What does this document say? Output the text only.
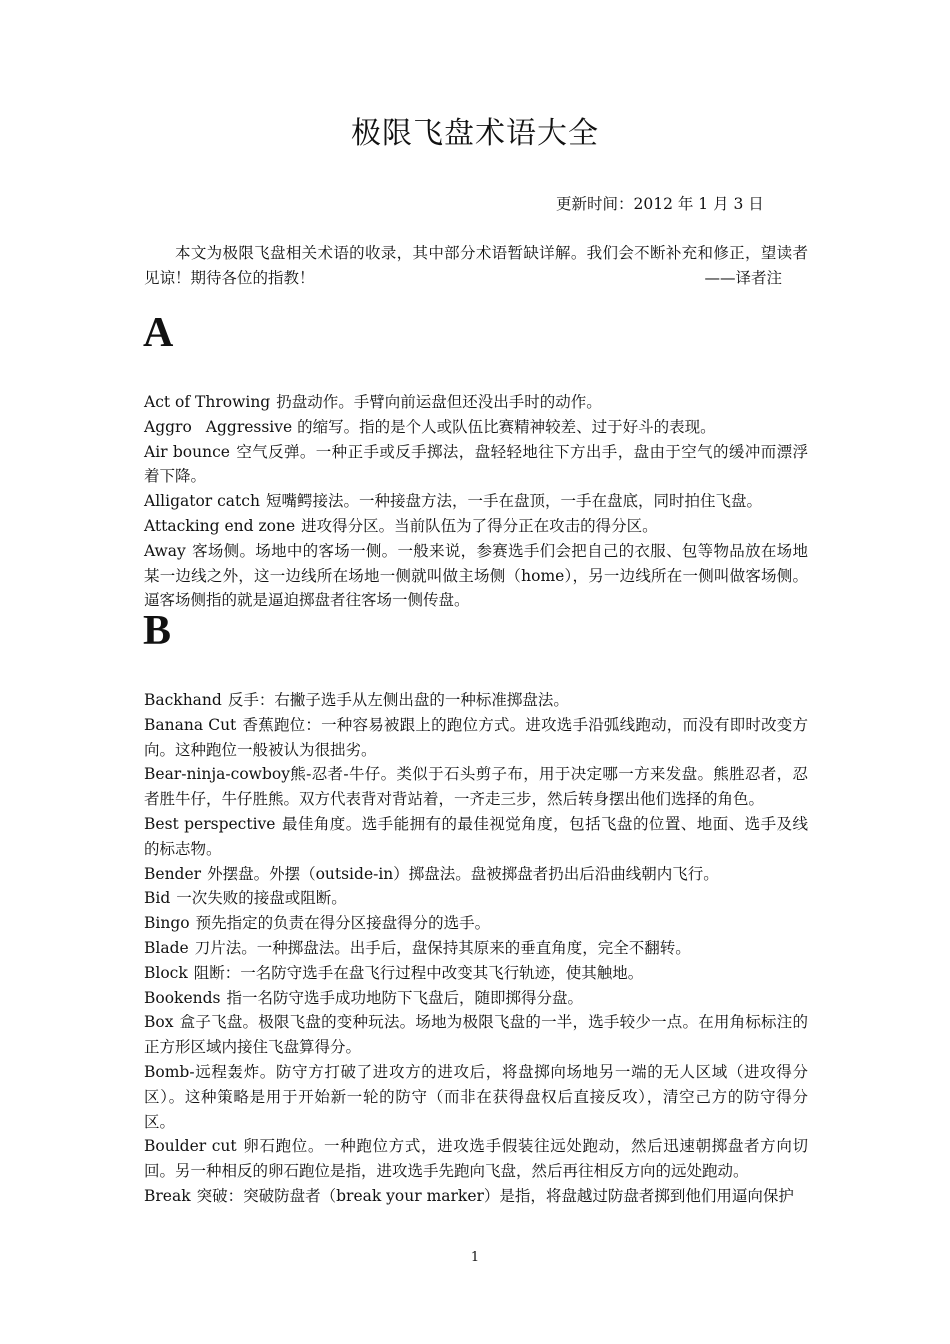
极限飞盘术语大全
更新时间：2012 年 1 月 3 日
本文为极限飞盘相关术语的收录，其中部分术语暂缺详解。我们会不断补充和修正，望读者见谅！期待各位的指教！	——译者注
A

Act of Throwing 扔盘动作。手臂向前运盘但还没出手时的动作。

Aggro Aggressive 的缩写。指的是个人或队伍比赛精神较差、过于好斗的表现。

Air bounce 空气反弹。一种正手或反手掷法，盘轻轻地往下方出手，盘由于空气的缓冲而漂浮着下降。

Alligator catch 短嘴鳄接法。一种接盘方法，一手在盘顶，一手在盘底，同时拍住飞盘。

Attacking end zone 进攻得分区。当前队伍为了得分正在攻击的得分区。

Away 客场侧。场地中的客场一侧。一般来说，参赛选手们会把自己的衣服、包等物品放在场地某一边线之外，这一边线所在场地一侧就叫做主场侧（home），另一边线所在一侧叫做客场侧。逼客场侧指的就是逼迫掷盘者往客场一侧传盘。

B

Backhand 反手：右撇子选手从左侧出盘的一种标准掷盘法。

Banana Cut 香蕉跑位：一种容易被跟上的跑位方式。进攻选手沿弧线跑动，而没有即时改变方向。这种跑位一般被认为很拙劣。

Bear-ninja-cowboy熊-忍者-牛仔。类似于石头剪子布，用于决定哪一方来发盘。熊胜忍者，忍者胜牛仔，牛仔胜熊。双方代表背对背站着，一齐走三步，然后转身摆出他们选择的角色。

Best perspective 最佳角度。选手能拥有的最佳视觉角度，包括飞盘的位置、地面、选手及线的标志物。

Bender 外摆盘。外摆（outside-in）掷盘法。盘被掷盘者扔出后沿曲线朝内飞行。

Bid 一次失败的接盘或阻断。

Bingo 预先指定的负责在得分区接盘得分的选手。

Blade 刀片法。一种掷盘法。出手后，盘保持其原来的垂直角度，完全不翻转。

Block 阻断：一名防守选手在盘飞行过程中改变其飞行轨迹，使其触地。

Bookends 指一名防守选手成功地防下飞盘后，随即掷得分盘。

Box 盒子飞盘。极限飞盘的变种玩法。场地为极限飞盘的一半，选手较少一点。在用角标标注的正方形区域内接住飞盘算得分。

Bomb-远程轰炸。防守方打破了进攻方的进攻后，将盘掷向场地另一端的无人区域（进攻得分区）。这种策略是用于开始新一轮的防守（而非在获得盘权后直接反攻），清空己方的防守得分区。

Boulder cut 卵石跑位。一种跑位方式，进攻选手假装往远处跑动，然后迅速朝掷盘者方向切回。另一种相反的卵石跑位是指，进攻选手先跑向飞盘，然后再往相反方向的远处跑动。

Break 突破：突破防盘者（break your marker）是指，将盘越过防盘者掷到他们用逼向保护

1
